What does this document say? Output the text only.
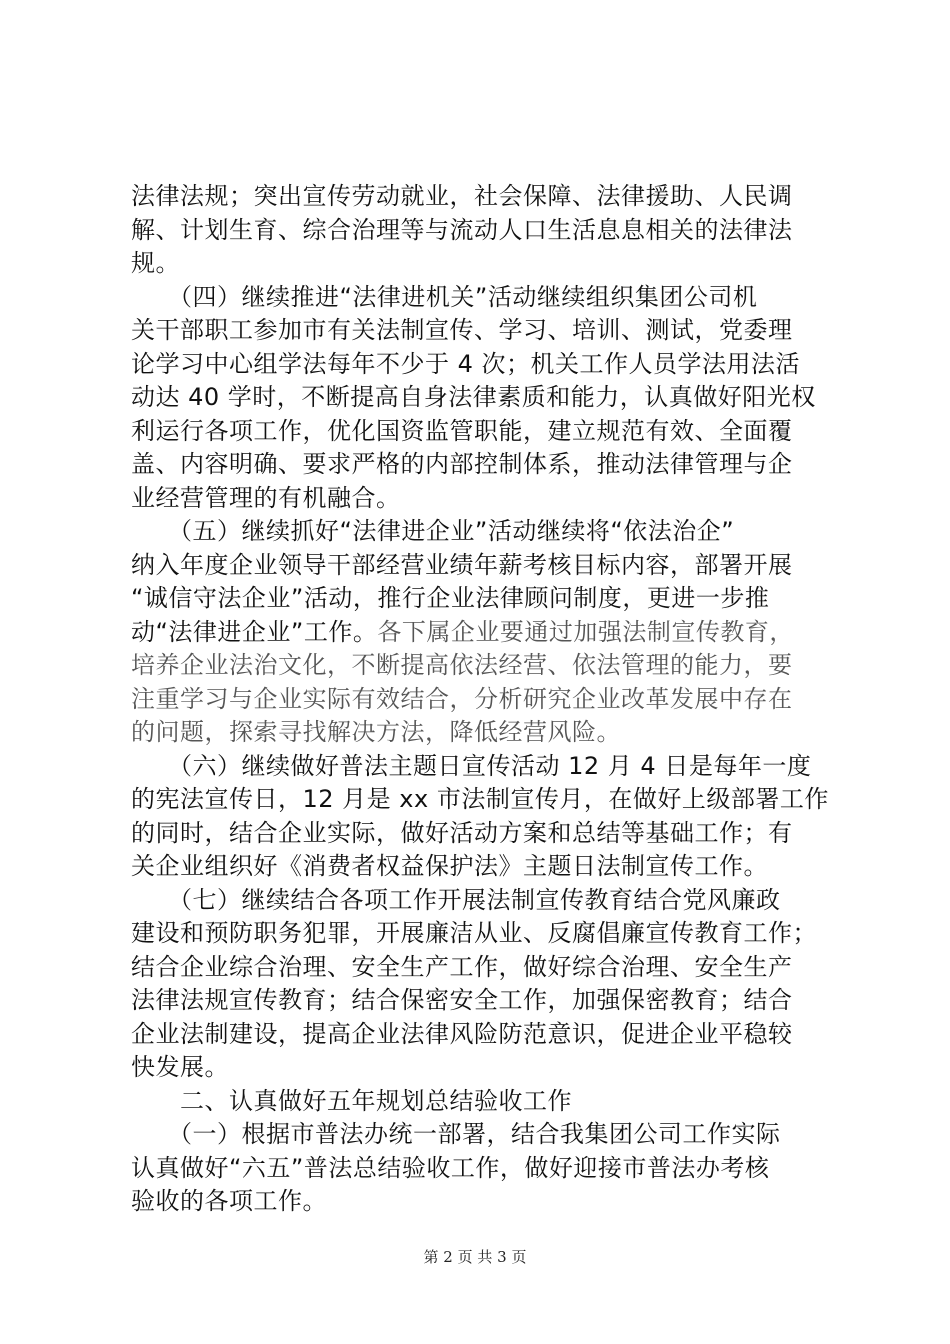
法律法规；突出宣传劳动就业，社会保障、法律援助、人民调
解、计划生育、综合治理等与流动人口生活息息相关的法律法
规。
　　（四）继续推进“法律进机关”活动继续组织集团公司机
关干部职工参加市有关法制宣传、学习、培训、测试，党委理
论学习中心组学法每年不少于 4 次；机关工作人员学法用法活
动达 40 学时，不断提高自身法律素质和能力，认真做好阳光权
利运行各项工作，优化国资监管职能，建立规范有效、全面覆
盖、内容明确、要求严格的内部控制体系，推动法律管理与企
业经营管理的有机融合。
　　（五）继续抓好“法律进企业”活动继续将“依法治企”
纳入年度企业领导干部经营业绩年薪考核目标内容，部署开展
“诚信守法企业”活动，推行企业法律顾问制度，更进一步推
动“法律进企业”工作。各下属企业要通过加强法制宣传教育，
培养企业法治文化，不断提高依法经营、依法管理的能力，要
注重学习与企业实际有效结合，分析研究企业改革发展中存在
的问题，探索寻找解决方法，降低经营风险。
　　（六）继续做好普法主题日宣传活动 12 月 4 日是每年一度
的宪法宣传日，12 月是 xx 市法制宣传月，在做好上级部署工作
的同时，结合企业实际，做好活动方案和总结等基础工作；有
关企业组织好《消费者权益保护法》主题日法制宣传工作。
　　（七）继续结合各项工作开展法制宣传教育结合党风廉政
建设和预防职务犯罪，开展廉洁从业、反腐倡廉宣传教育工作；
结合企业综合治理、安全生产工作，做好综合治理、安全生产
法律法规宣传教育；结合保密安全工作，加强保密教育；结合
企业法制建设，提高企业法律风险防范意识，促进企业平稳较
快发展。
　　二、认真做好五年规划总结验收工作
　　（一）根据市普法办统一部署，结合我集团公司工作实际
认真做好“六五”普法总结验收工作，做好迎接市普法办考核
验收的各项工作。
第 2 页 共 3 页
